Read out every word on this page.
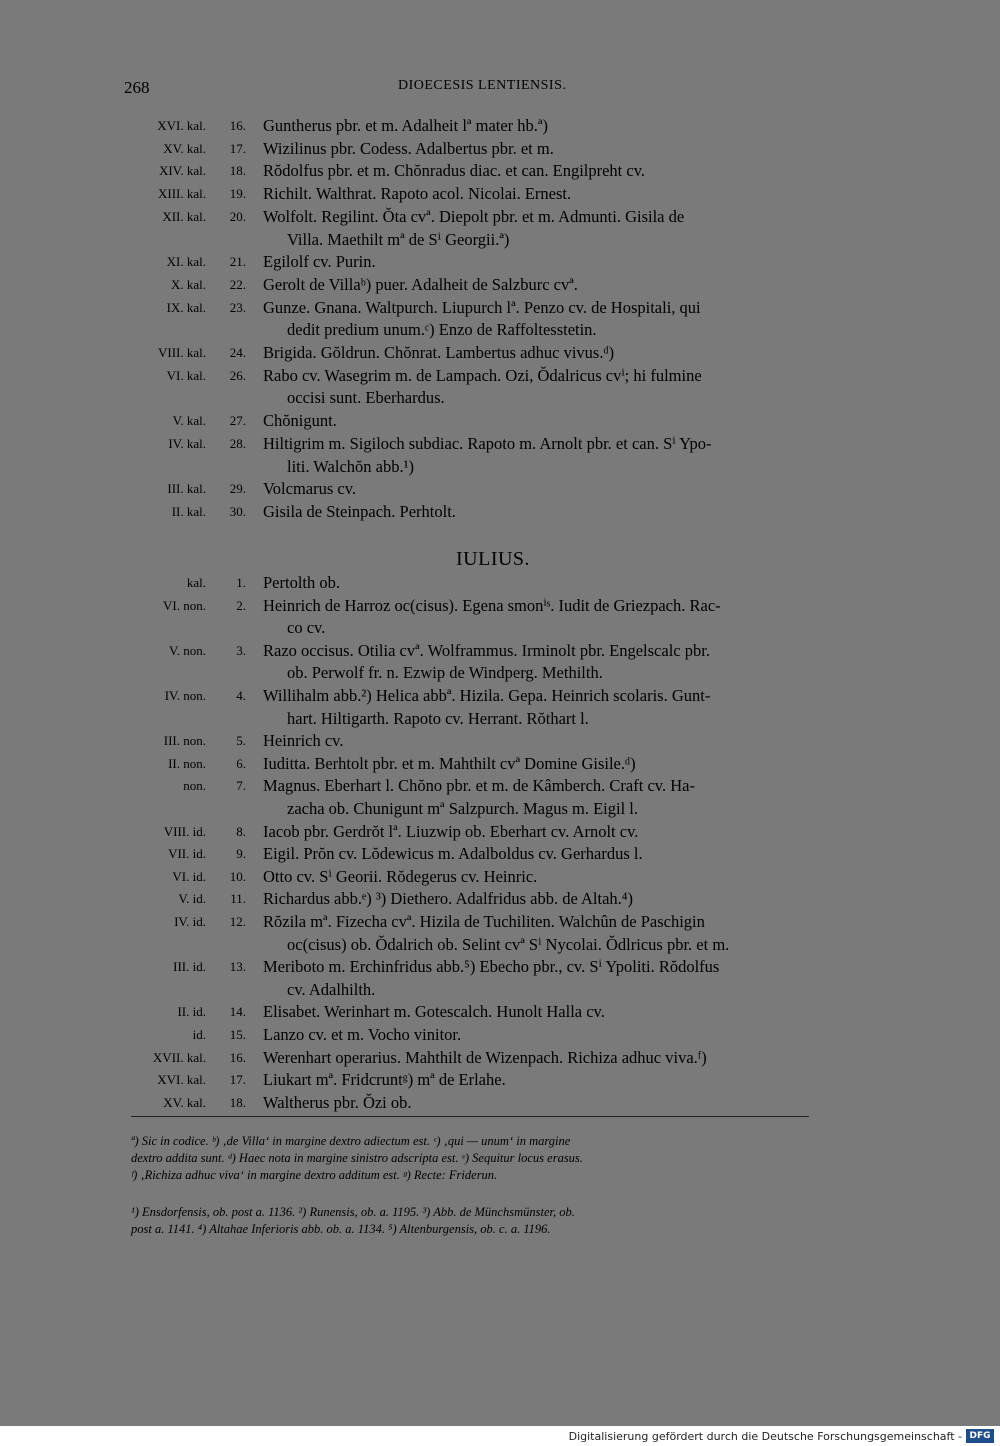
268	DIOECESIS LENTIENSIS.
XVI. kal.	16. Guntherus pbr. et m. Adalheit lª mater hb.ª)
XV. kal.	17. Wizilinus pbr. Codess. Adalbertus pbr. et m.
XIV. kal.	18. Rŏdolfus pbr. et m. Chŏnradus diac. et can. Engilpreht cv.
XIII. kal.	19. Richilt. Walthrat. Rapoto acol. Nicolai. Ernest.
XII. kal.	20. Wolfolt. Regilint. Ŏta cvª. Diepolt pbr. et m. Admunti. Gisila de
Villa. Maethilt mª de Sⁱ Georgii.ª)
XI. kal.	21. Egilolf cv. Purin.
X. kal.	22. Gerolt de Villaᵇ) puer. Adalheit de Salzburc cvª.
IX. kal.	23. Gunze. Gnana. Waltpurch. Liupurch lª. Penzo cv. de Hospitali, qui
dedit predium unum.ᶜ) Enzo de Raffoltesstetin.
VIII. kal.	24. Brigida. Gŏldrun. Chŏnrat. Lambertus adhuc vivus.ᵈ)
VI. kal.	26. Rabo cv. Wasegrim m. de Lampach. Ozi, Ŏdalricus cvⁱ; hi fulmine
occisi sunt. Eberhardus.
V. kal.	27. Chŏnigunt.
IV. kal.	28. Hiltigrim m. Sigiloch subdiac. Rapoto m. Arnolt pbr. et can. Sⁱ Ypo-
liti. Walchŏn abb.¹)
III. kal.	29. Volcmarus cv.
II. kal.	30. Gisila de Steinpach. Perhtolt.
IULIUS.
kal.	1. Pertolth ob.
VI. non.	2. Heinrich de Harroz oc(cisus). Egena smonⁱˢ. Iudit de Griezpach. Rac-
co cv.
V. non.	3. Razo occisus. Otilia cvª. Wolframmus. Irminolt pbr. Engelscalc pbr.
ob. Perwolf fr. n. Ezwip de Windperg. Methilth.
IV. non.	4. Willihalm abb.²) Helica abbª. Hizila. Gepa. Heinrich scolaris. Gunt-
hart. Hiltigarth. Rapoto cv. Herrant. Rŏthart l.
III. non.	5. Heinrich cv.
II. non.	6. Iuditta. Berhtolt pbr. et m. Mahthilt cvª Domine Gisile.ᵈ)
non.	7. Magnus. Eberhart l. Chŏno pbr. et m. de Kâmberch. Craft cv. Ha-
zacha ob. Chunigunt mª Salzpurch. Magus m. Eigil l.
VIII. id.	8. Iacob pbr. Gerdrŏt lª. Liuzwip ob. Eberhart cv. Arnolt cv.
VII. id.	9. Eigil. Prŏn cv. Lŏdewicus m. Adalboldus cv. Gerhardus l.
VI. id.	10. Otto cv. Sⁱ Georii. Rŏdegerus cv. Heinric.
V. id.	11. Richardus abb.ᵉ) ³) Diethero. Adalfridus abb. de Altah.⁴)
IV. id.	12. Rŏzila mª. Fizecha cvª. Hizila de Tuchiliten. Walchûn de Paschigin
oc(cisus) ob. Ŏdalrich ob. Selint cvª Sⁱ Nycolai. Ŏdlricus pbr. et m.
III. id.	13. Meriboto m. Erchinfridus abb.⁵) Ebecho pbr., cv. Sⁱ Ypoliti. Rŏdolfus
cv. Adalhilth.
II. id.	14. Elisabet. Werinhart m. Gotescalch. Hunolt Halla cv.
id.	15. Lanzo cv. et m. Vocho vinitor.
XVII. kal.	16. Werenhart operarius. Mahthilt de Wizenpach. Richiza adhuc viva.ᶠ)
XVI. kal.	17. Liukart mª. Fridcruntᵍ) mª de Erlahe.
XV. kal.	18. Waltherus pbr. Ŏzi ob.
ª) Sic in codice. ᵇ) ‚de Villa‘ in margine dextro adiectum est. ᶜ) ‚qui — unum‘ in margine
dextro addita sunt. ᵈ) Haec nota in margine sinistro adscripta est. ᵉ) Sequitur locus erasus.
ᶠ) ‚Richiza adhuc viva‘ in margine dextro additum est. ᵍ) Recte: Friderun.
¹) Ensdorfensis, ob. post a. 1136. ²) Runensis, ob. a. 1195. ³) Abb. de Münchsmünster, ob.
post a. 1141. ⁴) Altahae Inferioris abb. ob. a. 1134. ⁵) Altenburgensis, ob. c. a. 1196.
Digitalisierung gefördert durch die Deutsche Forschungsgemeinschaft - DFG
